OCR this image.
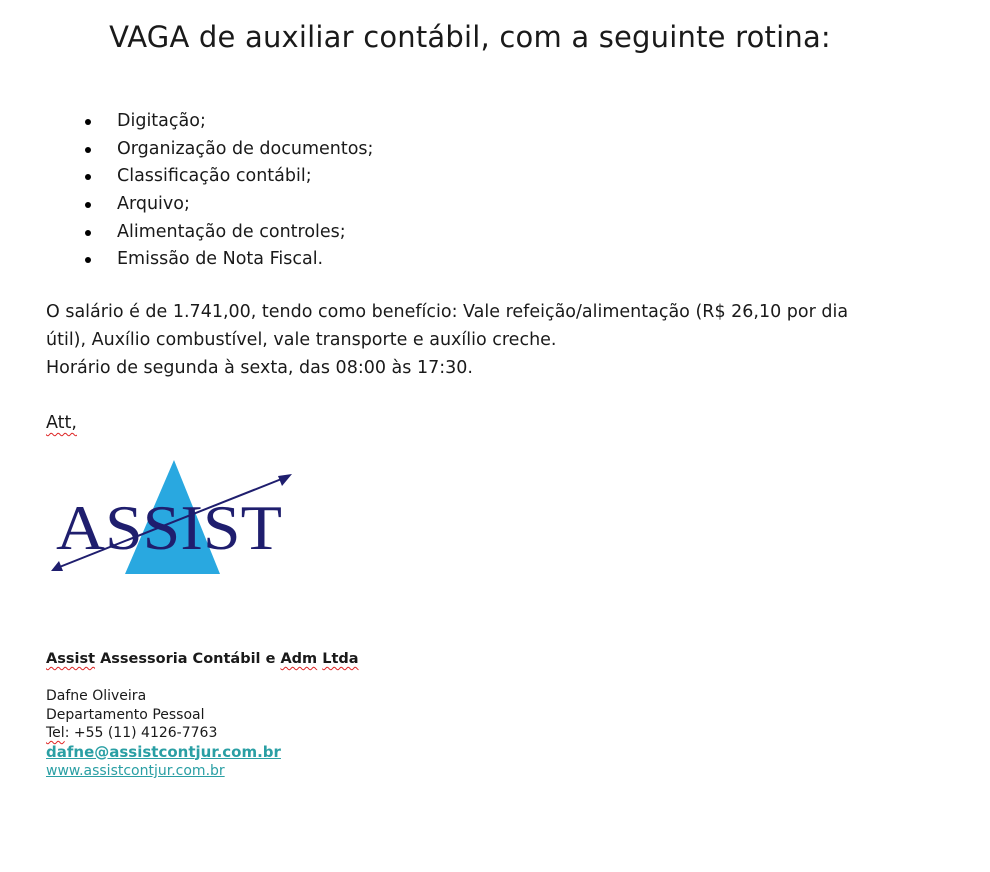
VAGA de auxiliar contábil, com a seguinte rotina:
Digitação;
Organização de documentos;
Classificação contábil;
Arquivo;
Alimentação de controles;
Emissão de Nota Fiscal.

O salário é de 1.741,00, tendo como benefício: Vale refeição/alimentação (R$ 26,10 por dia
útil), Auxílio combustível, vale transporte e auxílio creche.
Horário de segunda à sexta, das 08:00 às 17:30.

Att,
ASSIST

Assist Assessoria Contábil e Adm Ltda

Dafne Oliveira

Departamento Pessoal

Tel: +55 (11) 4126-7763

dafne@assistcontjur.com.br

www.assistcontjur.com.br
